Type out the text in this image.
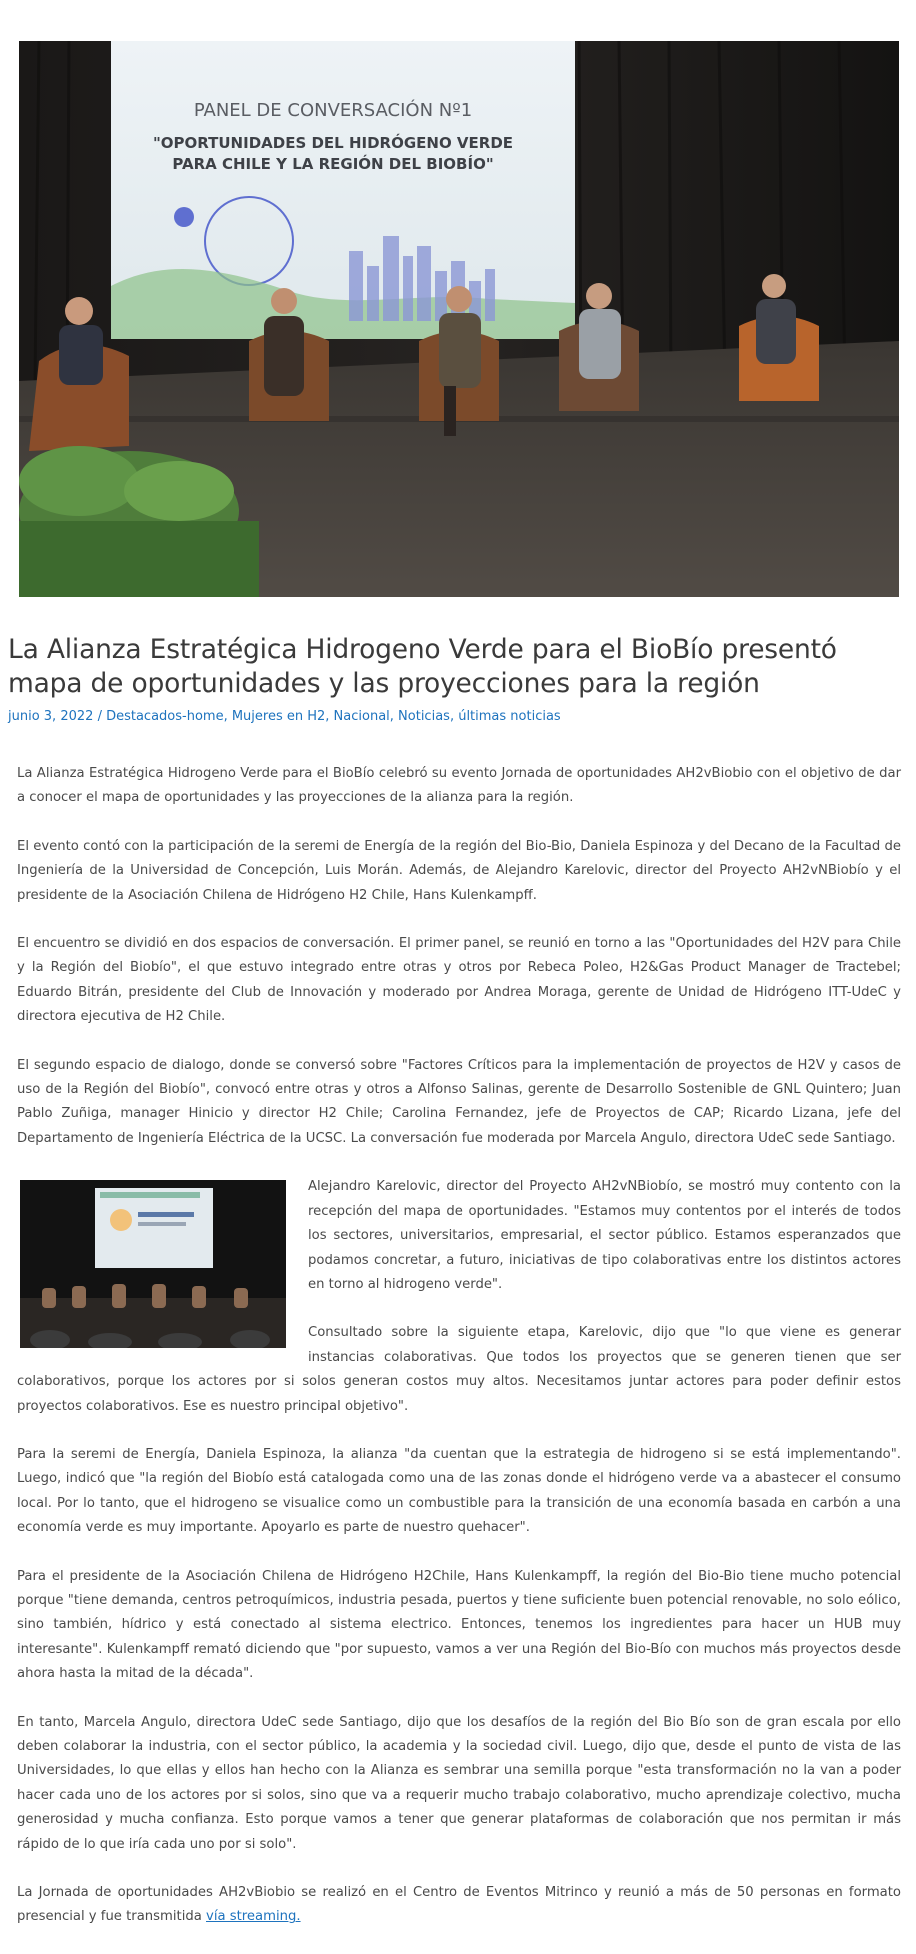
PANEL DE CONVERSACIÓN Nº1
"OPORTUNIDADES DEL HIDRÓGENO VERDE
PARA CHILE Y LA REGIÓN DEL BIOBÍO"
La Alianza Estratégica Hidrogeno Verde para el BioBío presentó mapa de oportunidades y las proyecciones para la región
junio 3, 2022 / Destacados-home, Mujeres en H2, Nacional, Noticias, últimas noticias

La Alianza Estratégica Hidrogeno Verde para el BioBío celebró su evento Jornada de oportunidades AH2vBiobio con el objetivo de dar a conocer el mapa de oportunidades y las proyecciones de la alianza para la región.

El evento contó con la participación de la seremi de Energía de la región del Bio-Bio, Daniela Espinoza y del Decano de la Facultad de Ingeniería de la Universidad de Concepción, Luis Morán. Además, de Alejandro Karelovic, director del Proyecto AH2vNBiobío y el presidente de la Asociación Chilena de Hidrógeno H2 Chile, Hans Kulenkampff.

El encuentro se dividió en dos espacios de conversación. El primer panel, se reunió en torno a las "Oportunidades del H2V para Chile y la Región del Biobío", el que estuvo integrado entre otras y otros por Rebeca Poleo, H2&Gas Product Manager de Tractebel; Eduardo Bitrán, presidente del Club de Innovación y moderado por Andrea Moraga, gerente de Unidad de Hidrógeno ITT-UdeC y directora ejecutiva de H2 Chile.

El segundo espacio de dialogo, donde se conversó sobre "Factores Críticos para la implementación de proyectos de H2V y casos de uso de la Región del Biobío", convocó entre otras y otros a Alfonso Salinas, gerente de Desarrollo Sostenible de GNL Quintero; Juan Pablo Zuñiga, manager Hinicio y director H2 Chile; Carolina Fernandez, jefe de Proyectos de CAP; Ricardo Lizana, jefe del Departamento de Ingeniería Eléctrica de la UCSC. La conversación fue moderada por Marcela Angulo, directora UdeC sede Santiago.

Alejandro Karelovic, director del Proyecto AH2vNBiobío, se mostró muy contento con la recepción del mapa de oportunidades. "Estamos muy contentos por el interés de todos los sectores, universitarios, empresarial, el sector público. Estamos esperanzados que podamos concretar, a futuro, iniciativas de tipo colaborativas entre los distintos actores en torno al hidrogeno verde".

Consultado sobre la siguiente etapa, Karelovic, dijo que "lo que viene es generar instancias colaborativas. Que todos los proyectos que se generen tienen que ser colaborativos, porque los actores por si solos generan costos muy altos. Necesitamos juntar actores para poder definir estos proyectos colaborativos. Ese es nuestro principal objetivo".

Para la seremi de Energía, Daniela Espinoza, la alianza "da cuentan que la estrategia de hidrogeno si se está implementando". Luego, indicó que "la región del Biobío está catalogada como una de las zonas donde el hidrógeno verde va a abastecer el consumo local. Por lo tanto, que el hidrogeno se visualice como un combustible para la transición de una economía basada en carbón a una economía verde es muy importante. Apoyarlo es parte de nuestro quehacer".

Para el presidente de la Asociación Chilena de Hidrógeno H2Chile, Hans Kulenkampff, la región del Bio-Bio tiene mucho potencial porque "tiene demanda, centros petroquímicos, industria pesada, puertos y tiene suficiente buen potencial renovable, no solo eólico, sino también, hídrico y está conectado al sistema electrico. Entonces, tenemos los ingredientes para hacer un HUB muy interesante". Kulenkampff remató diciendo que "por supuesto, vamos a ver una Región del Bio-Bío con muchos más proyectos desde ahora hasta la mitad de la década".

En tanto, Marcela Angulo, directora UdeC sede Santiago, dijo que los desafíos de la región del Bio Bío son de gran escala por ello deben colaborar la industria, con el sector público, la academia y la sociedad civil. Luego, dijo que, desde el punto de vista de las Universidades, lo que ellas y ellos han hecho con la Alianza es sembrar una semilla porque "esta transformación no la van a poder hacer cada uno de los actores por si solos, sino que va a requerir mucho trabajo colaborativo, mucho aprendizaje colectivo, mucha generosidad y mucha confianza. Esto porque vamos a tener que generar plataformas de colaboración que nos permitan ir más rápido de lo que iría cada uno por si solo".

La Jornada de oportunidades AH2vBiobio se realizó en el Centro de Eventos Mitrinco y reunió a más de 50 personas en formato presencial y fue transmitida vía streaming.
